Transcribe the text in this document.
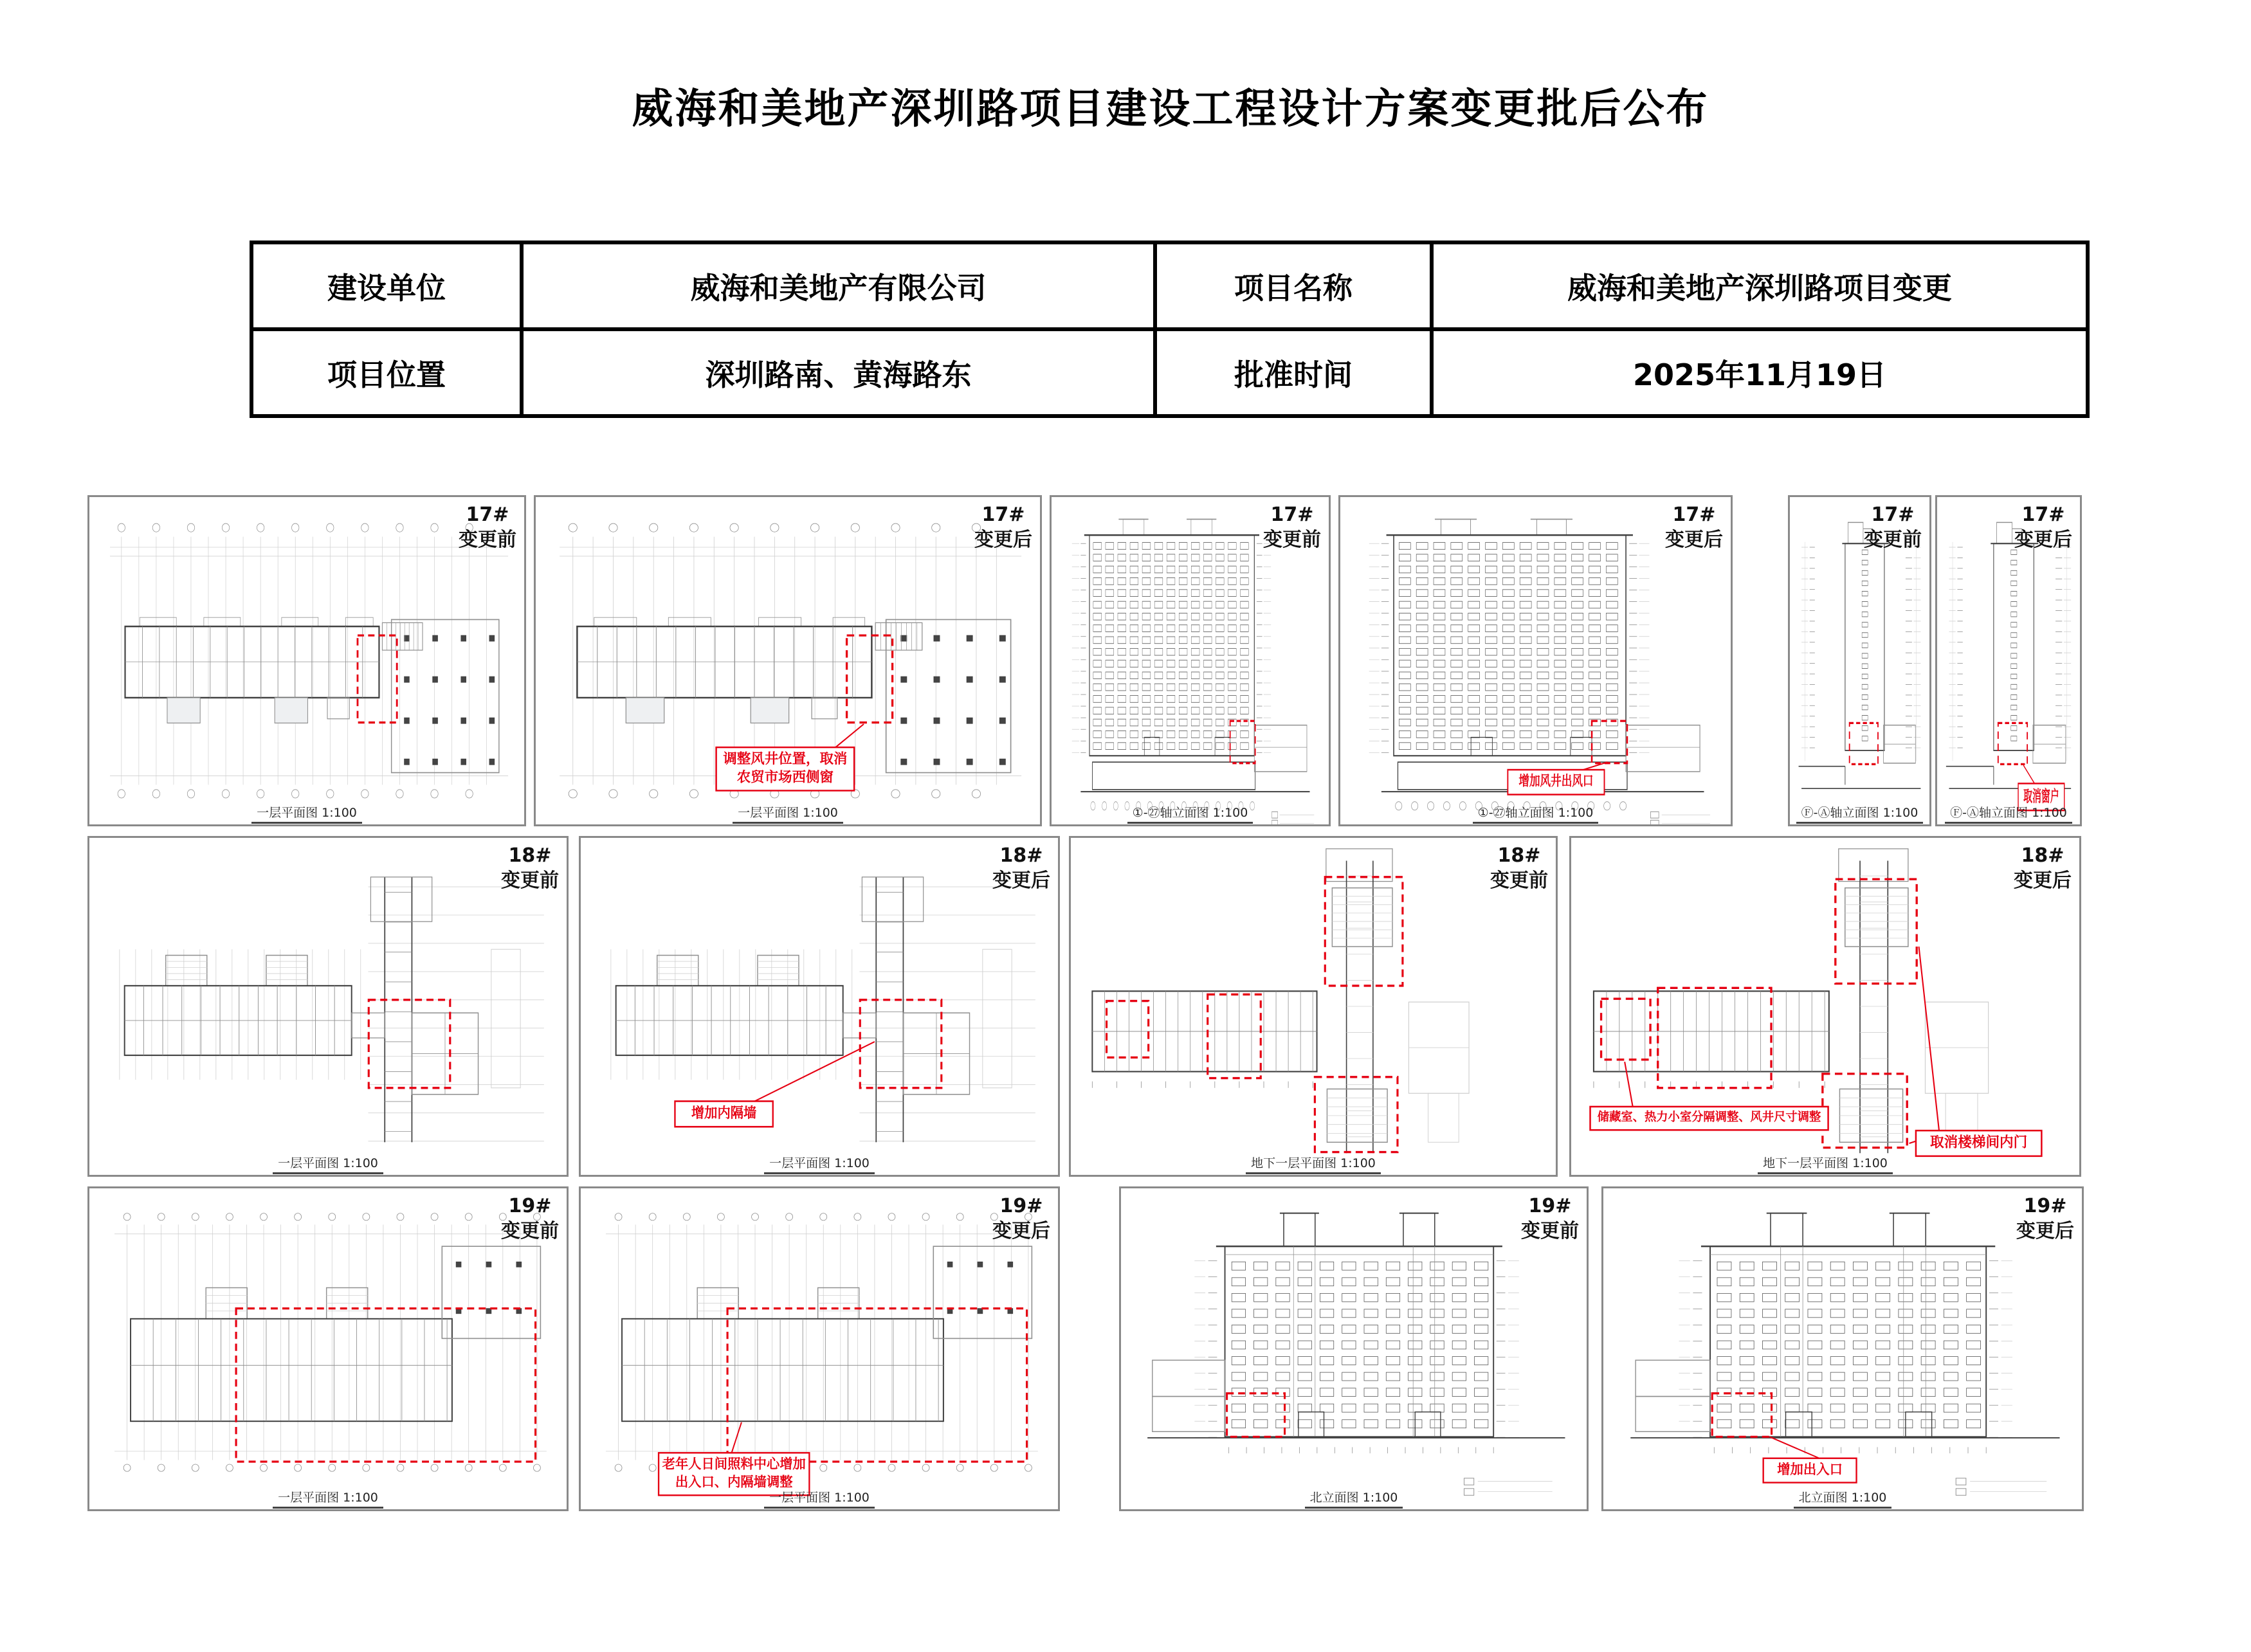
威海和美地产深圳路项目建设工程设计方案变更批后公布
建设单位	威海和美地产有限公司	项目名称	威海和美地产深圳路项目变更
项目位置	深圳路南、黄海路东	批准时间	2025年11月19日
17#
变更前
一层平面图 1:100
调整风井位置，取消
农贸市场西侧窗
17#
变更后
一层平面图 1:100
17#
变更前
①-㉗轴立面图 1:100
增加风井出风口
17#
变更后
①-㉗轴立面图 1:100
17#
变更前
Ⓕ-Ⓐ轴立面图 1:100
取消窗户
17#
变更后
Ⓕ-Ⓐ轴立面图 1:100
18#
变更前
一层平面图 1:100
增加内隔墙
18#
变更后
一层平面图 1:100
18#
变更前
地下一层平面图 1:100
储藏室、热力小室分隔调整、风井尺寸调整
取消楼梯间内门
18#
变更后
地下一层平面图 1:100
19#
变更前
一层平面图 1:100
老年人日间照料中心增加
出入口、内隔墙调整
19#
变更后
一层平面图 1:100
19#
变更前
北立面图 1:100
增加出入口
19#
变更后
北立面图 1:100
